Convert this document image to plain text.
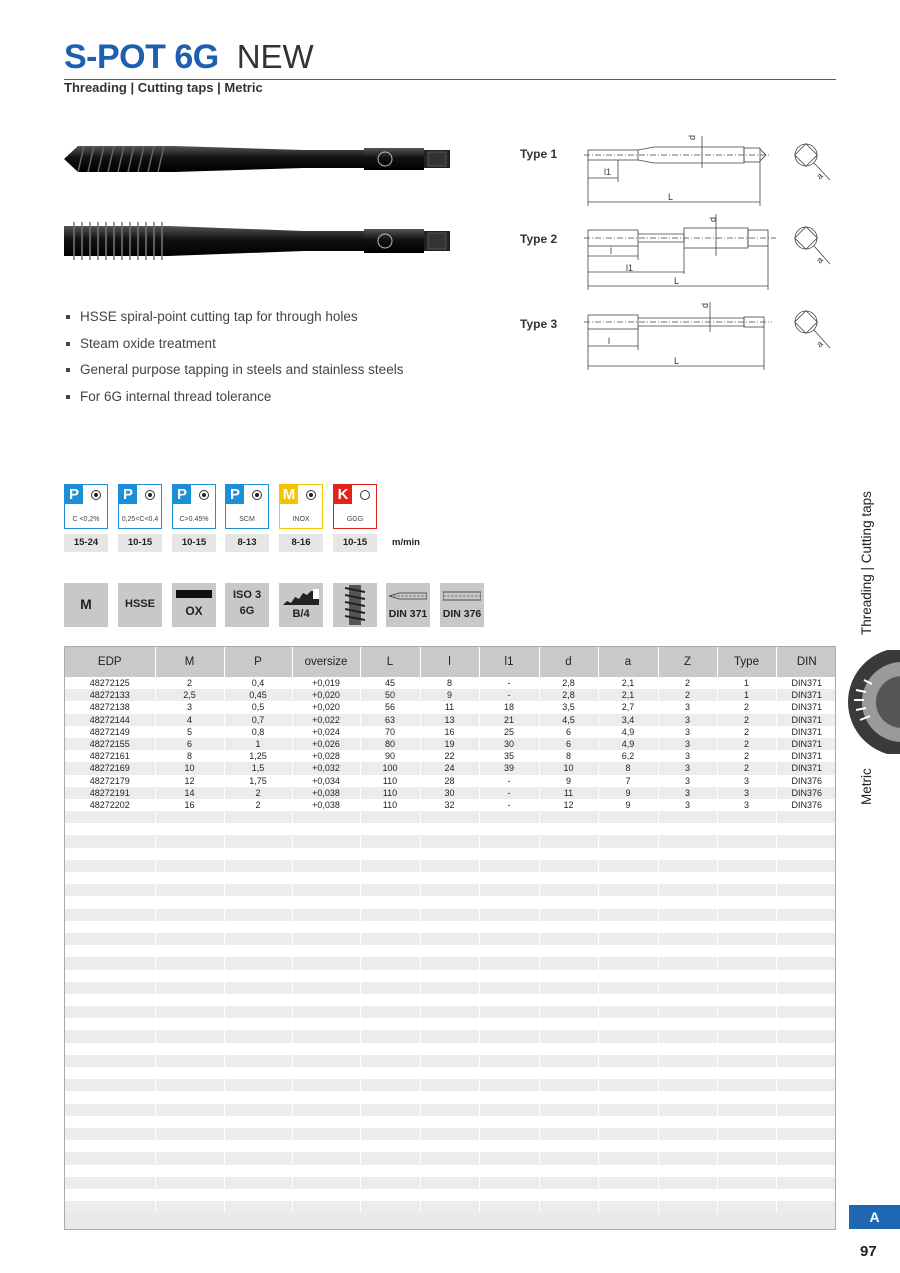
S-POT 6G NEW
Threading | Cutting taps | Metric
HSSE spiral-point cutting tap for through holes
Steam oxide treatment
General purpose tapping in steels and stainless steels
For 6G internal thread tolerance
Type 1
Type 2
Type 3
l1
L
d
a
l
l1
L
d
a
l
L
d
a
P
C <0,2%
15-24
P
0,25<C<0,4
10-15
P
C>0.45%
10-15
P
SCM
8-13
M
INOX
8-16
K
GGG
10-15	m/min
M	HSSE	OX
ISO 3
6G	B/4	DIN 371 DIN 376
EDP	M	P	oversize	L	l	l1	d	a	Z	Type	DIN
48272125	2	0,4	+0,019	45	8	-	2,8	2,1	2	1	DIN371
48272133	2,5	0,45	+0,020	50	9	-	2,8	2,1	2	1	DIN371
48272138	3	0,5	+0,020	56	11	18	3,5	2,7	3	2	DIN371
48272144	4	0,7	+0,022	63	13	21	4,5	3,4	3	2	DIN371
48272149	5	0,8	+0,024	70	16	25	6	4,9	3	2	DIN371
48272155	6	1	+0,026	80	19	30	6	4,9	3	2	DIN371
48272161	8	1,25	+0,028	90	22	35	8	6,2	3	2	DIN371
48272169	10	1,5	+0,032	100	24	39	10	8	3	2	DIN371
48272179	12	1,75	+0,034	110	28	-	9	7	3	3	DIN376
48272191	14	2	+0,038	110	30	-	11	9	3	3	DIN376
48272202	16	2	+0,038	110	32	-	12	9	3	3	DIN376

Threading | Cutting taps
Metric
A
97
